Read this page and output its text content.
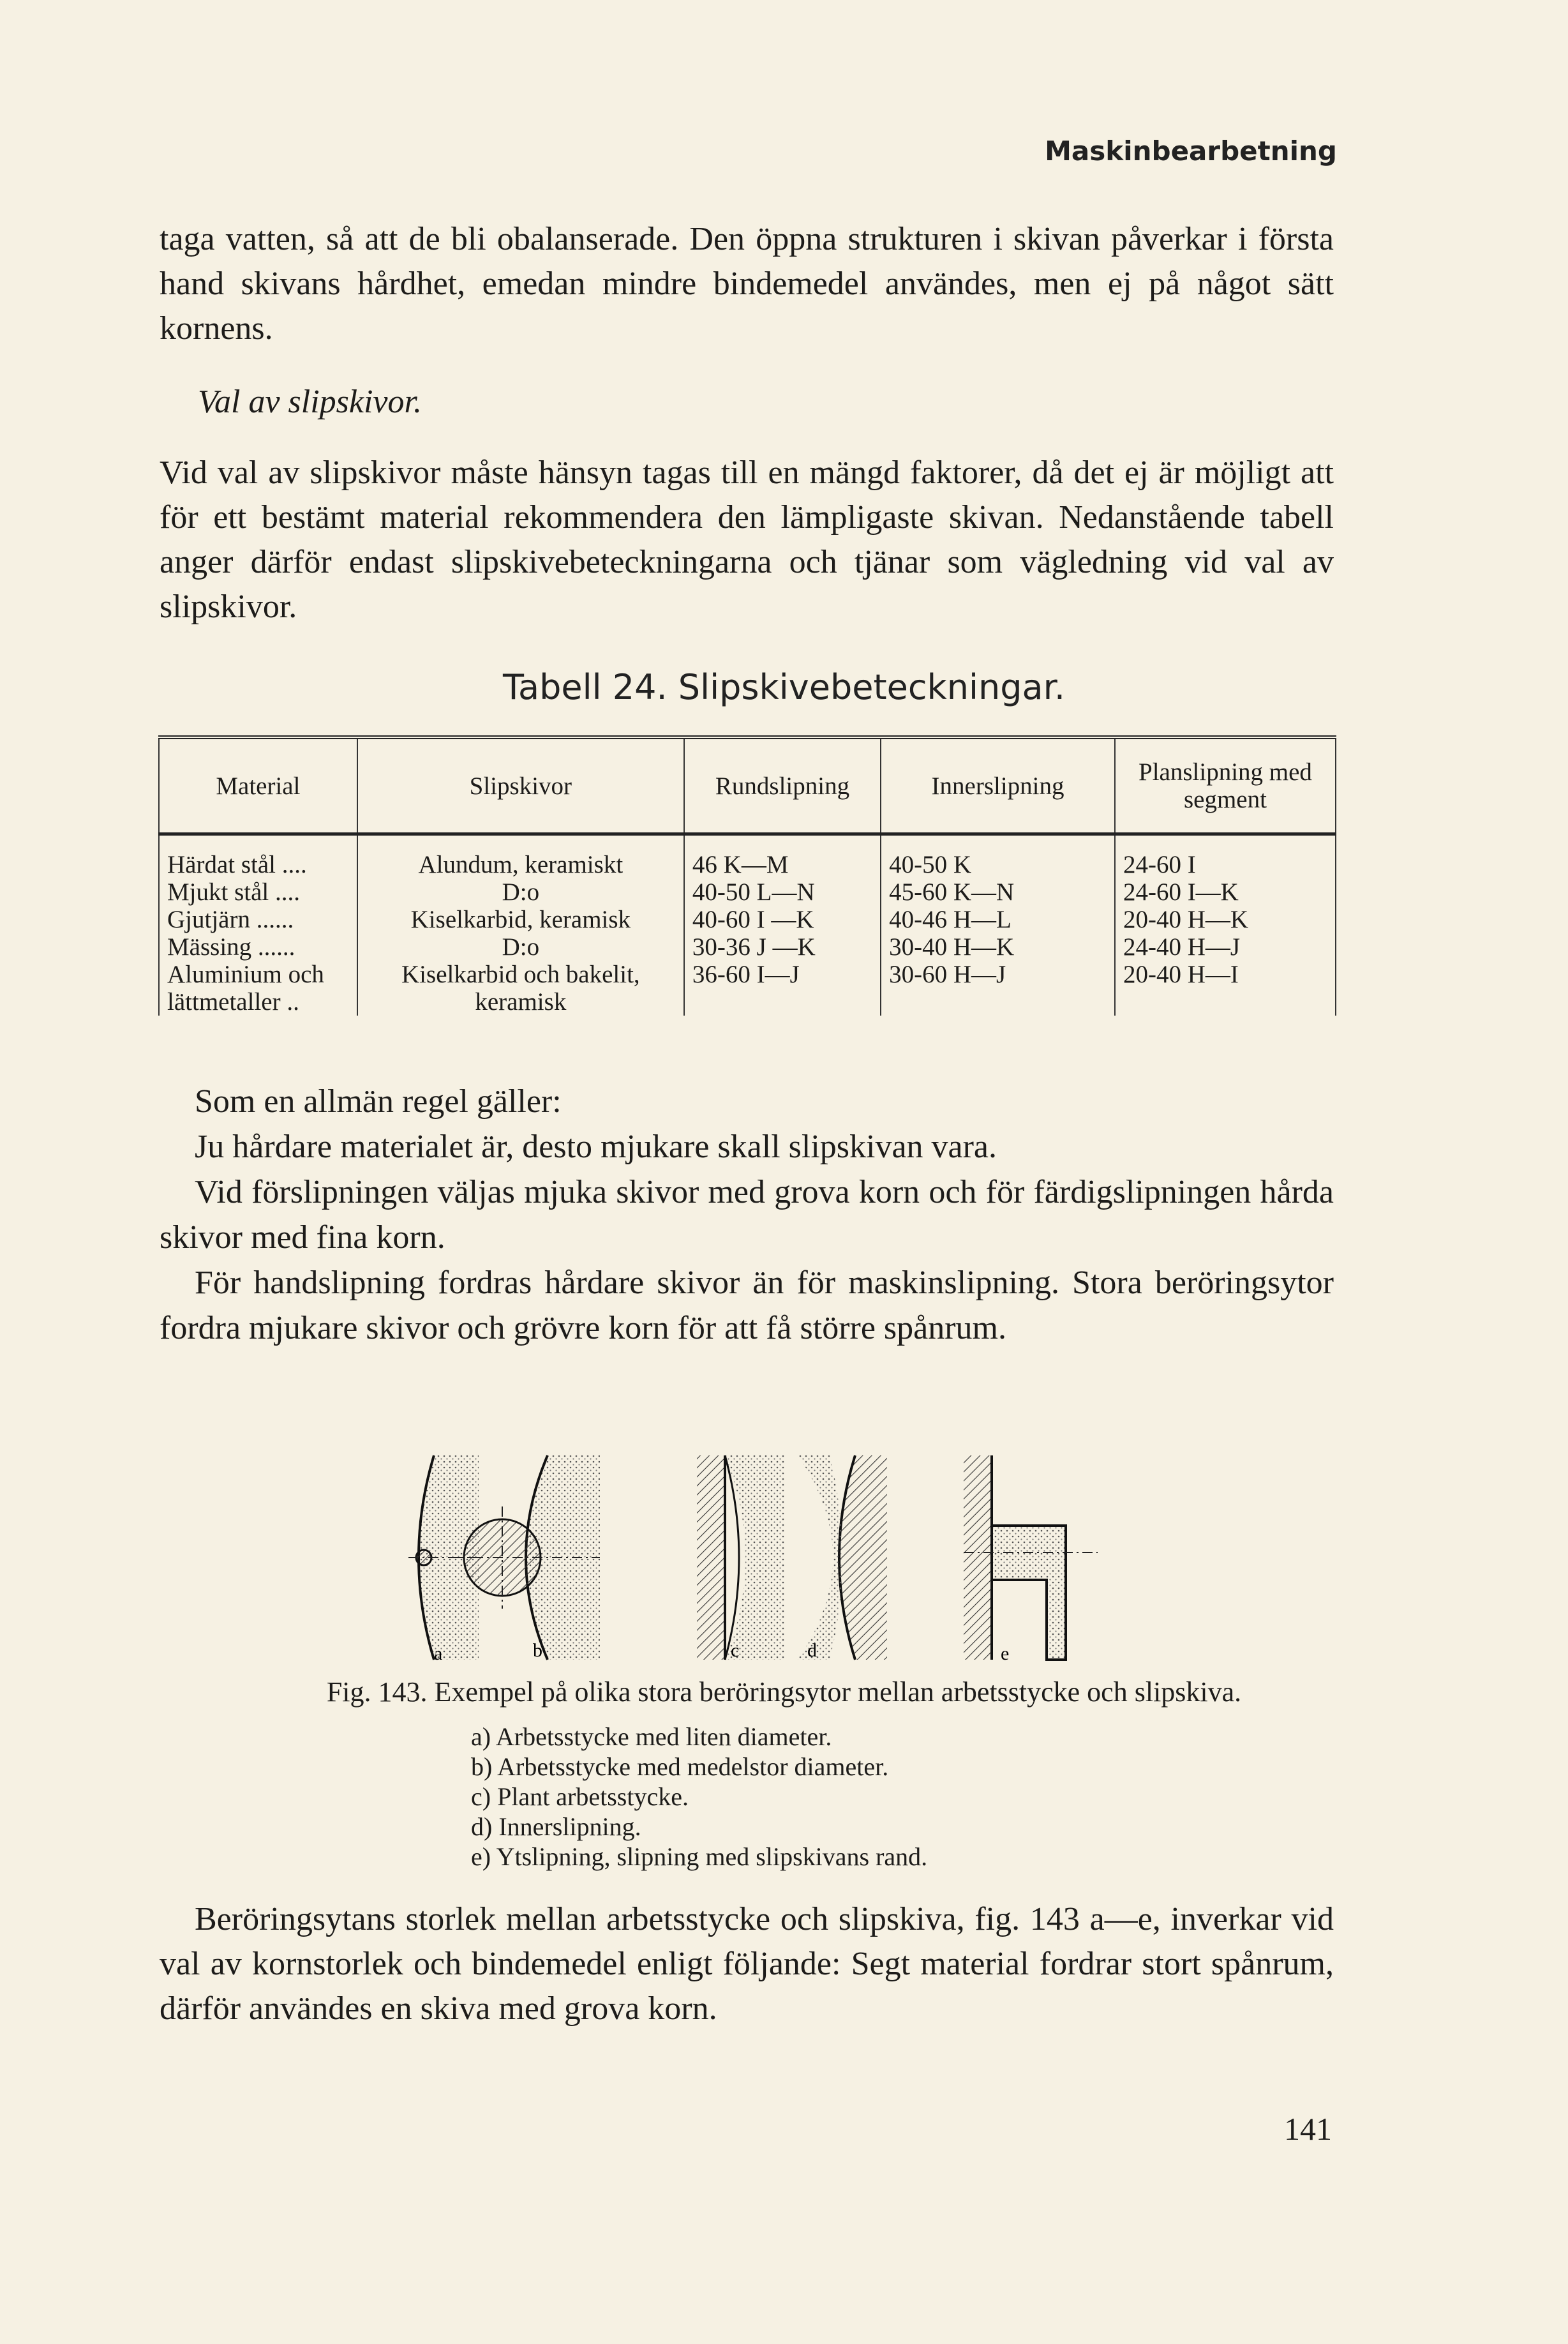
Maskinbearbetning

taga vatten, så att de bli obalanserade. Den öppna strukturen i skivan påverkar i första hand skivans hårdhet, emedan mindre bindemedel användes, men ej på något sätt kornens.

Val av slipskivor.

Vid val av slipskivor måste hänsyn tagas till en mängd faktorer, då det ej är möjligt att för ett bestämt material rekommendera den lämpligaste skivan. Nedanstående tabell anger därför endast slipskivebeteckningarna och tjänar som vägledning vid val av slipskivor.

Tabell 24. Slipskivebeteckningar.
Material	Slipskivor	Rundslipning	Innerslipning	Planslipning med segment
Härdat stål ....	Alundum, keramiskt	46 K—M	40-50 K	24-60 I
Mjukt stål ....	D:o	40-50 L—N	45-60 K—N	24-60 I—K
Gjutjärn ......	Kiselkarbid, keramisk	40-60 I —K	40-46 H—L	20-40 H—K
Mässing ......	D:o	30-36 J —K	30-40 H—K	24-40 H—J
Aluminium och	Kiselkarbid och bakelit,	36-60 I—J	30-60 H—J	20-40 H—I
lättmetaller ..	keramisk			
Som en allmän regel gäller:
Ju hårdare materialet är, desto mjukare skall slipskivan vara.
Vid förslipningen väljas mjuka skivor med grova korn och för färdigslipningen hårda skivor med fina korn.
För handslipning fordras hårdare skivor än för maskinslipning. Stora beröringsytor fordra mjukare skivor och grövre korn för att få större spånrum.
a	b	c	d	e
Fig. 143. Exempel på olika stora beröringsytor mellan arbetsstycke och slipskiva.
a) Arbetsstycke med liten diameter.
b) Arbetsstycke med medelstor diameter.
c) Plant arbetsstycke.
d) Innerslipning.
e) Ytslipning, slipning med slipskivans rand.

Beröringsytans storlek mellan arbetsstycke och slipskiva, fig. 143 a—e, inverkar vid val av kornstorlek och bindemedel enligt följande: Segt material fordrar stort spånrum, därför användes en skiva med grova korn.

141
